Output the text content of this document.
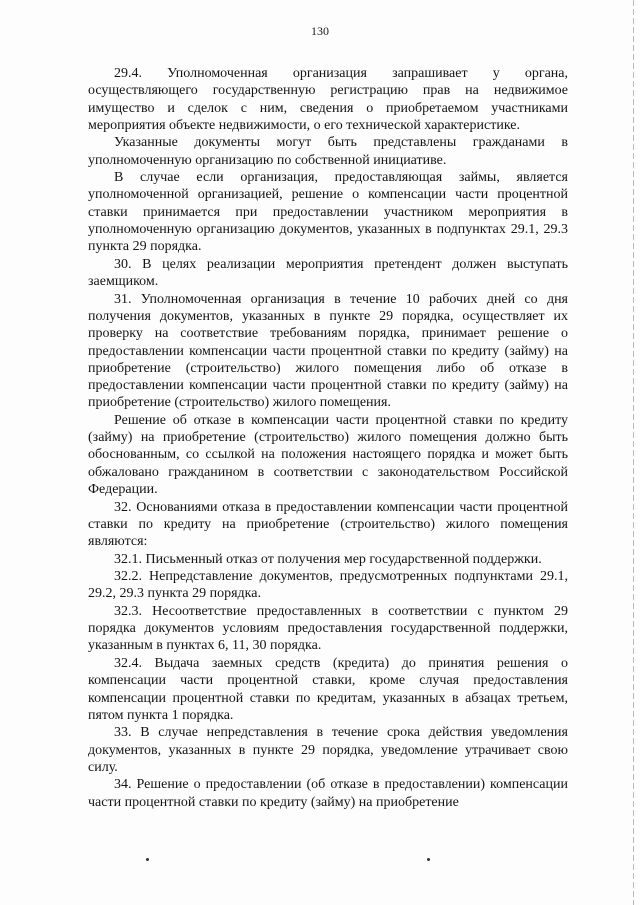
130

29.4. Уполномоченная организация запрашивает у органа, осуществляющего государственную регистрацию прав на недвижимое имущество и сделок с ним, сведения о приобретаемом участниками мероприятия объекте недвижимости, о его технической характеристике.

Указанные документы могут быть представлены гражданами в уполномоченную организацию по собственной инициативе.

В случае если организация, предоставляющая займы, является уполномоченной организацией, решение о компенсации части процентной ставки принимается при предоставлении участником мероприятия в уполномоченную организацию документов, указанных в подпунктах 29.1, 29.3 пункта 29 порядка.

30. В целях реализации мероприятия претендент должен выступать заемщиком.

31. Уполномоченная организация в течение 10 рабочих дней со дня получения документов, указанных в пункте 29 порядка, осуществляет их проверку на соответствие требованиям порядка, принимает решение о предоставлении компенсации части процентной ставки по кредиту (займу) на приобретение (строительство) жилого помещения либо об отказе в предоставлении компенсации части процентной ставки по кредиту (займу) на приобретение (строительство) жилого помещения.

Решение об отказе в компенсации части процентной ставки по кредиту (займу) на приобретение (строительство) жилого помещения должно быть обоснованным, со ссылкой на положения настоящего порядка и может быть обжаловано гражданином в соответствии с законодательством Российской Федерации.

32. Основаниями отказа в предоставлении компенсации части процентной ставки по кредиту на приобретение (строительство) жилого помещения являются:

32.1. Письменный отказ от получения мер государственной поддержки.

32.2. Непредставление документов, предусмотренных подпунктами 29.1, 29.2, 29.3 пункта 29 порядка.

32.3. Несоответствие предоставленных в соответствии с пунктом 29 порядка документов условиям предоставления государственной поддержки, указанным в пунктах 6, 11, 30 порядка.

32.4. Выдача заемных средств (кредита) до принятия решения о компенсации части процентной ставки, кроме случая предоставления компенсации процентной ставки по кредитам, указанных в абзацах третьем, пятом пункта 1 порядка.

33. В случае непредставления в течение срока действия уведомления документов, указанных в пункте 29 порядка, уведомление утрачивает свою силу.

34. Решение о предоставлении (об отказе в предоставлении) компенсации части процентной ставки по кредиту (займу) на приобретение
